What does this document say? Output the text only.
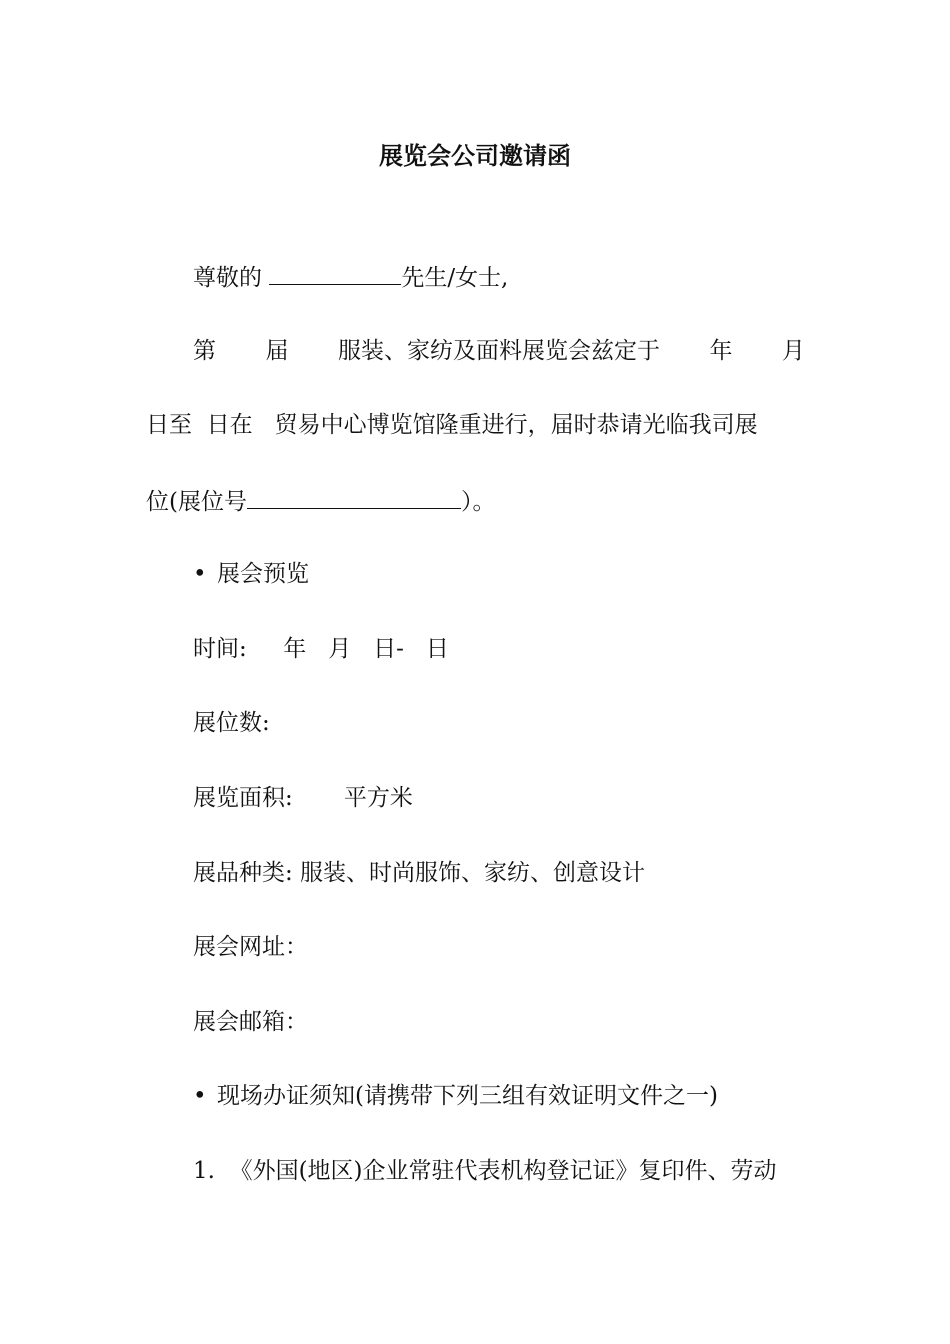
展览会公司邀请函
尊敬的	先生/女士,
第 届 服装、家纺及面料展览会兹定于 年 月
日至 日在 贸易中心博览馆隆重进行，届时恭请光临我司展
位(展位号	）。
• 展会预览
时间:     年   月   日-   日
展位数:
展览面积:       平方米
展品种类: 服装、时尚服饰、家纺、创意设计
展会网址：
展会邮箱：
• 现场办证须知(请携带下列三组有效证明文件之一)
1.  《外国(地区)企业常驻代表机构登记证》复印件、劳动
